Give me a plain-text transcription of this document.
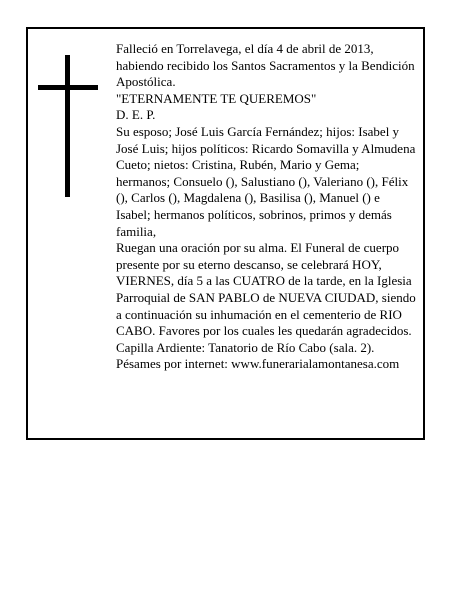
Falleció en Torrelavega, el día 4 de abril de 2013, habiendo recibido los Santos Sacramentos y la Bendición Apostólica.

"ETERNAMENTE TE QUEREMOS"

D. E. P.

Su esposo; José Luis García Fernández; hijos: Isabel y José Luis; hijos políticos: Ricardo Somavilla y Almudena Cueto; nietos: Cristina, Rubén, Mario y Gema; hermanos; Consuelo (), Salustiano (), Valeriano (), Félix (), Carlos (), Magdalena (), Basilisa (), Manuel () e Isabel; hermanos políticos, sobrinos, primos y demás familia,

Ruegan una oración por su alma. El Funeral de cuerpo presente por su eterno descanso, se celebrará HOY, VIERNES, día 5 a las CUATRO de la tarde, en la Iglesia Parroquial de SAN PABLO de NUEVA CIUDAD, siendo a continuación su inhumación en el cementerio de RIO CABO. Favores por los cuales les quedarán agradecidos. Capilla Ardiente: Tanatorio de Río Cabo (sala. 2).

Pésames por internet: www.funerarialamontanesa.com
